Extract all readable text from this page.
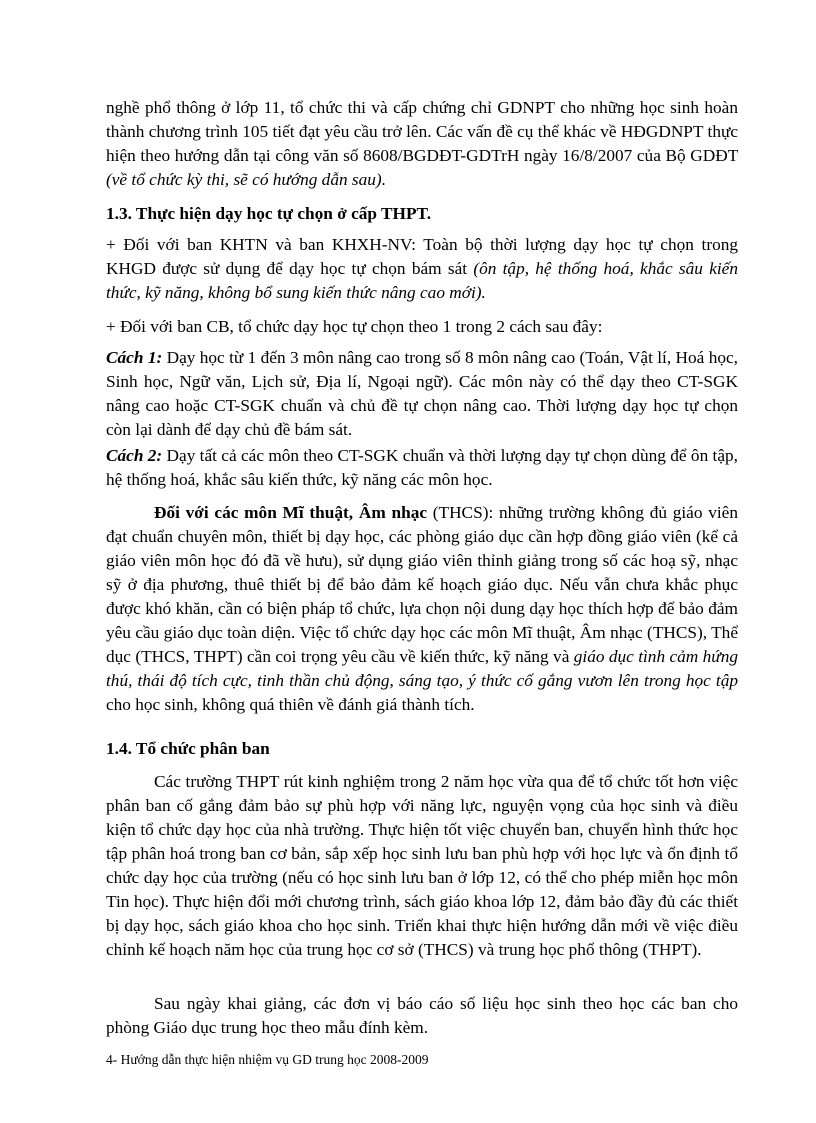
nghề phổ thông ở lớp 11, tổ chức thi và cấp chứng chỉ GDNPT cho những học sinh hoàn thành chương trình 105 tiết đạt yêu cầu trở lên. Các vấn đề cụ thể khác về HĐGDNPT thực hiện theo hướng dẫn tại công văn số 8608/BGDĐT-GDTrH ngày 16/8/2007 của Bộ GDĐT (về tổ chức kỳ thi, sẽ có hướng dẫn sau).

1.3. Thực hiện dạy học tự chọn ở cấp THPT.

+ Đối với ban KHTN và ban KHXH-NV: Toàn bộ thời lượng dạy học tự chọn trong KHGD được sử dụng để dạy học tự chọn bám sát (ôn tập, hệ thống hoá, khắc sâu kiến thức, kỹ năng, không bổ sung kiến thức nâng cao mới).

+ Đối với ban CB, tổ chức dạy học tự chọn theo 1 trong 2 cách sau đây:

Cách 1: Dạy học từ 1 đến 3 môn nâng cao trong số 8 môn nâng cao (Toán, Vật lí, Hoá học, Sinh học, Ngữ văn, Lịch sử, Địa lí, Ngoại ngữ). Các môn này có thể dạy theo CT-SGK nâng cao hoặc CT-SGK chuẩn và chủ đề tự chọn nâng cao. Thời lượng dạy học tự chọn còn lại dành để dạy chủ đề bám sát.

Cách 2: Dạy tất cả các môn theo CT-SGK chuẩn và thời lượng dạy tự chọn dùng để ôn tập, hệ thống hoá, khắc sâu kiến thức, kỹ năng các môn học.

Đối với các môn Mĩ thuật, Âm nhạc (THCS): những trường không đủ giáo viên đạt chuẩn chuyên môn, thiết bị dạy học, các phòng giáo dục cần hợp đồng giáo viên (kể cả giáo viên môn học đó đã về hưu), sử dụng giáo viên thỉnh giảng trong số các hoạ sỹ, nhạc sỹ ở địa phương, thuê thiết bị để bảo đảm kế hoạch giáo dục. Nếu vẫn chưa khắc phục được khó khăn, cần có biện pháp tổ chức, lựa chọn nội dung dạy học thích hợp để bảo đảm yêu cầu giáo dục toàn diện. Việc tổ chức dạy học các môn Mĩ thuật, Âm nhạc (THCS), Thể dục (THCS, THPT) cần coi trọng yêu cầu về kiến thức, kỹ năng và giáo dục tình cảm hứng thú, thái độ tích cực, tinh thần chủ động, sáng tạo, ý thức cố gắng vươn lên trong học tập cho học sinh, không quá thiên về đánh giá thành tích.

1.4. Tổ chức phân ban

Các trường THPT rút kinh nghiệm trong 2 năm học vừa qua để tổ chức tốt hơn việc phân ban cố gắng đảm bảo sự phù hợp với năng lực, nguyện vọng của học sinh và điều kiện tổ chức dạy học của nhà trường. Thực hiện tốt việc chuyển ban, chuyển hình thức học tập phân hoá trong ban cơ bản, sắp xếp học sinh lưu ban phù hợp với học lực và ổn định tổ chức dạy học của trường (nếu có học sinh lưu ban ở lớp 12, có thể cho phép miễn học môn Tin học). Thực hiện đổi mới chương trình, sách giáo khoa lớp 12, đảm bảo đầy đủ các thiết bị dạy học, sách giáo khoa cho học sinh. Triển khai thực hiện hướng dẫn mới về việc điều chỉnh kế hoạch năm học của trung học cơ sở (THCS) và trung học phổ thông (THPT).

Sau ngày khai giảng, các đơn vị báo cáo số liệu học sinh theo học các ban cho phòng Giáo dục trung học theo mẫu đính kèm.

4- Hướng dẫn thực hiện nhiệm vụ GD trung học 2008-2009
